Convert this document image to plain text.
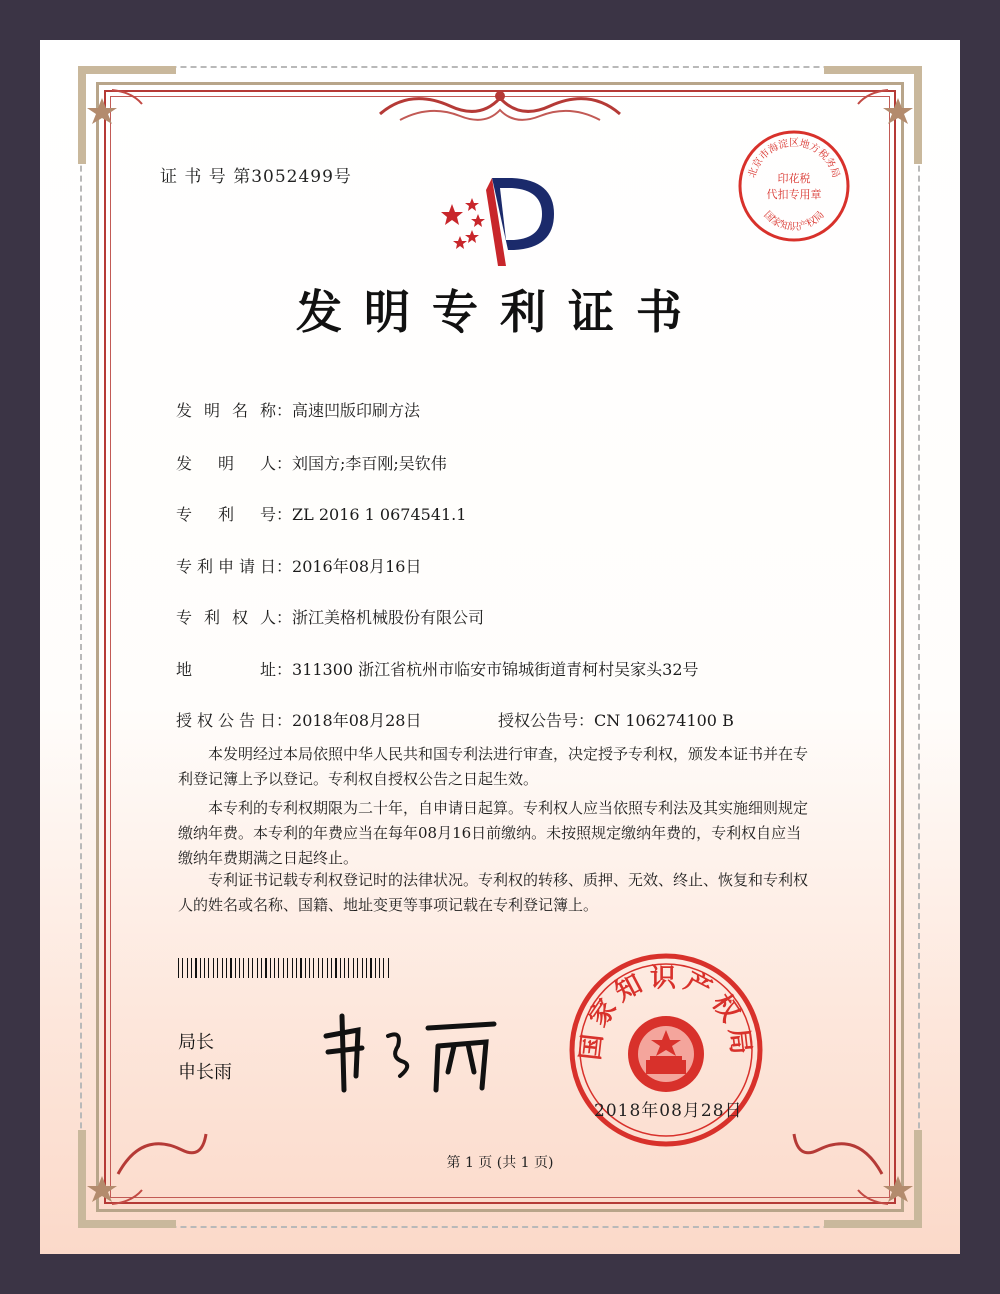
证 书 号 第3052499号
发明专利证书
发明名称：高速凹版印刷方法
发明人：刘国方;李百刚;吴钦伟
专利号：ZL 2016 1 0674541.1
专利申请日：2016年08月16日
专利权人：浙江美格机械股份有限公司
地址：311300 浙江省杭州市临安市锦城街道青柯村吴家头32号
授权公告日：2018年08月28日	授权公告号：CN 106274100 B

本发明经过本局依照中华人民共和国专利法进行审查，决定授予专利权，颁发本证书并在专利登记簿上予以登记。专利权自授权公告之日起生效。

本专利的专利权期限为二十年，自申请日起算。专利权人应当依照专利法及其实施细则规定缴纳年费。本专利的年费应当在每年08月16日前缴纳。未按照规定缴纳年费的，专利权自应当缴纳年费期满之日起终止。

专利证书记载专利权登记时的法律状况。专利权的转移、质押、无效、终止、恢复和专利权人的姓名或名称、国籍、地址变更等事项记载在专利登记簿上。

局长
申长雨
北京市海淀区地方税务局
印花税
代扣专用章
国家知识产权局
国家知识产权局
2018年08月28日
第 1 页 (共 1 页)
